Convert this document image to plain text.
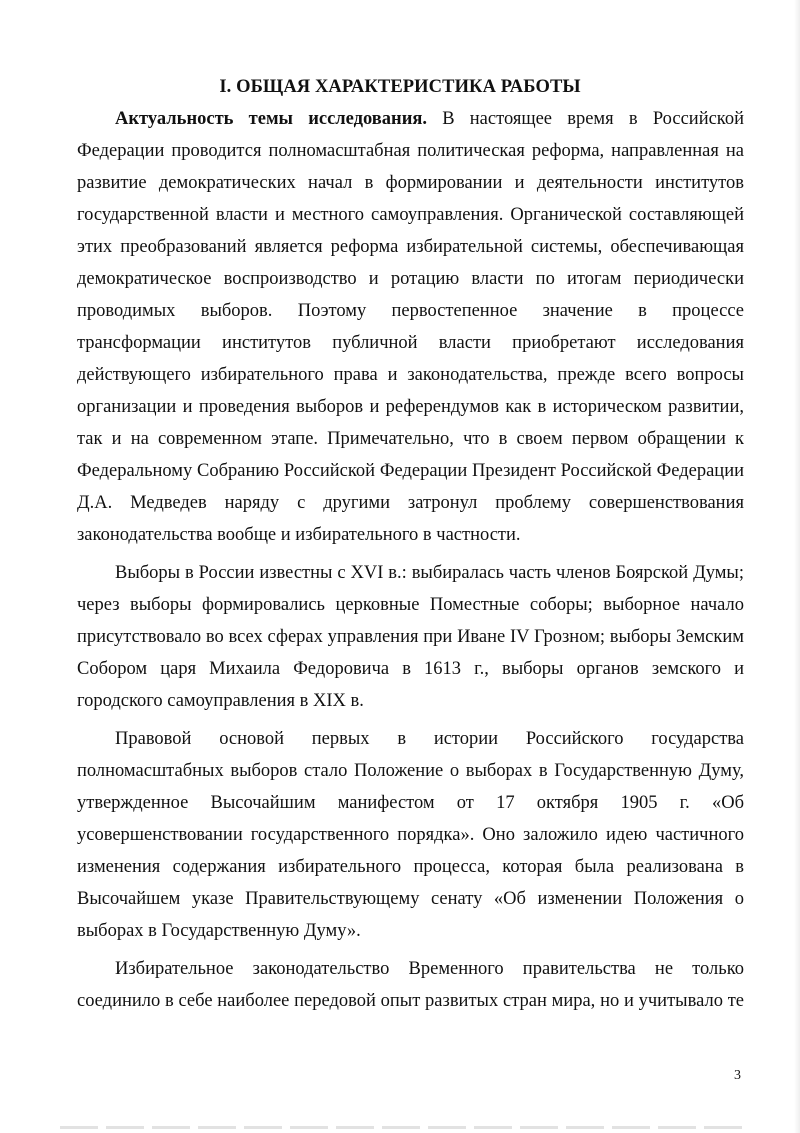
I. ОБЩАЯ ХАРАКТЕРИСТИКА РАБОТЫ

Актуальность темы исследования. В настоящее время в Российской Федерации проводится полномасштабная политическая реформа, направленная на развитие демократических начал в формировании и деятельности институтов государственной власти и местного самоуправления. Органической составляющей этих преобразований является реформа избирательной системы, обеспечивающая демократическое воспроизводство и ротацию власти по итогам периодически проводимых выборов. Поэтому первостепенное значение в процессе трансформации институтов публичной власти приобретают исследования действующего избирательного права и законодательства, прежде всего вопросы организации и проведения выборов и референдумов как в историческом развитии, так и на современном этапе. Примечательно, что в своем первом обращении к Федеральному Собранию Российской Федерации Президент Российской Федерации Д.А. Медведев наряду с другими затронул проблему совершенствования законодательства вообще и избирательного в частности.

Выборы в России известны с XVI в.: выбиралась часть членов Боярской Думы; через выборы формировались церковные Поместные соборы; выборное начало присутствовало во всех сферах управления при Иване IV Грозном; выборы Земским Собором царя Михаила Федоровича в 1613 г., выборы органов земского и городского самоуправления в XIX в.

Правовой основой первых в истории Российского государства полномасштабных выборов стало Положение о выборах в Государственную Думу, утвержденное Высочайшим манифестом от 17 октября 1905 г. «Об усовершенствовании государственного порядка». Оно заложило идею частичного изменения содержания избирательного процесса, которая была реализована в Высочайшем указе Правительствующему сенату «Об изменении Положения о выборах в Государственную Думу».

Избирательное законодательство Временного правительства не только соединило в себе наиболее передовой опыт развитых стран мира, но и учитывало те

3
